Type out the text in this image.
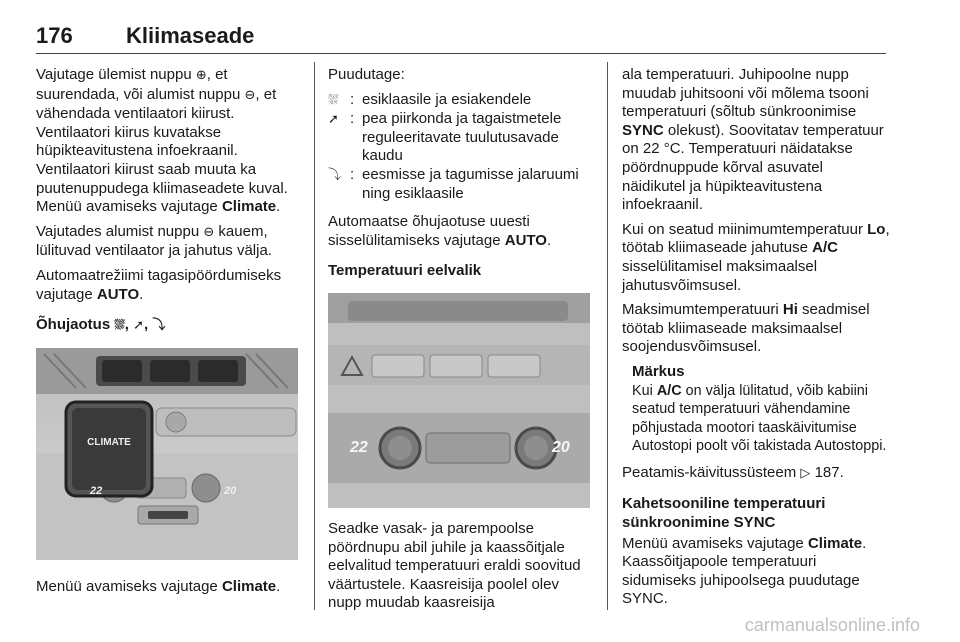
176	Kliimaseade

Vajutage ülemist nuppu ⊕, et suurendada, või alumist nuppu ⊖, et vähendada ventilaatori kiirust. Ventilaatori kiirus kuvatakse hüpikteavitustena infoekraanil. Ventilaatori kiirust saab muuta ka puutenuppudega kliimaseadete kuval. Menüü avamiseks vajutage Climate.

Vajutades alumist nuppu ⊖ kauem, lülituvad ventilaator ja jahutus välja.

Automaatrežiimi tagasipöördumiseks vajutage AUTO.

Õhujaotus ⛆, ➚, ⤵
CLIMATE
22	20

Menüü avamiseks vajutage Climate.

Puudutage:

⛆ : esiklaasile ja esiakendele
➚ : pea piirkonda ja tagaistmetele reguleeritavate tuulutusavade kaudu
⤵ : eesmisse ja tagumisse jalaruumi ning esiklaasile

Automaatse õhujaotuse uuesti sisselülitamiseks vajutage AUTO.

Temperatuuri eelvalik
22	20

Seadke vasak- ja parempoolse pöördnupu abil juhile ja kaassõitjale eelvalitud temperatuuri eraldi soovitud väärtustele. Kaasreisija poolel olev nupp muudab kaasreisija

ala temperatuuri. Juhipoolne nupp muudab juhitsooni või mõlema tsooni temperatuuri (sõltub sünkroonimise SYNC olekust). Soovitatav temperatuur on 22 °C. Temperatuuri näidatakse pöördnuppude kõrval asuvatel näidikutel ja hüpikteavitustena infoekraanil.

Kui on seatud miinimumtemperatuur Lo, töötab kliimaseade jahutuse A/C sisselülitamisel maksimaalsel jahutusvõimsusel.

Maksimumtemperatuuri Hi seadmisel töötab kliimaseade maksimaalsel soojendusvõimsusel.

Märkus
Kui A/C on välja lülitatud, võib kabiini seatud temperatuuri vähendamine põhjustada mootori taaskäivitumise Autostopi poolt või takistada Autostoppi.

Peatamis-käivitussüsteem ▷ 187.

Kahetsooniline temperatuuri sünkroonimine SYNC

Menüü avamiseks vajutage Climate. Kaassõitjapoole temperatuuri sidumiseks juhipoolsega puudutage SYNC.

carmanualsonline.info
